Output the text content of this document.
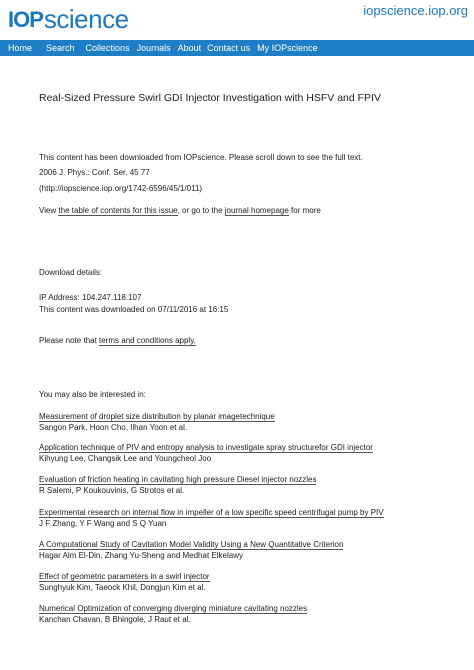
IOP science	iopscience.iop.org
Home Search Collections Journals About Contact us My IOPscience
Real-Sized Pressure Swirl GDI Injector Investigation with HSFV and FPIV
This content has been downloaded from IOPscience. Please scroll down to see the full text.
2006 J. Phys.: Conf. Ser. 45 77
(http://iopscience.iop.org/1742-6596/45/1/011)
View the table of contents for this issue, or go to the journal homepage for more
Download details:
IP Address: 104.247.118.107
This content was downloaded on 07/11/2016 at 16:15
Please note that terms and conditions apply.
You may also be interested in:
Measurement of droplet size distribution by planar imagetechnique
Sangon Park, Hoon Cho, Ilhan Yoon et al.
Application technique of PIV and entropy analysis to investigate spray structurefor GDI injector
Kihyung Lee, Changsik Lee and Youngcheol Joo
Evaluation of friction heating in cavitating high pressure Diesel injector nozzles
R Salemi, P Koukouvinis, G Strotos et al.
Experimental research on internal flow in impeller of a low specific speed centrifugal pump by PIV
J F Zhang, Y F Wang and S Q Yuan
A Computational Study of Cavitation Model Validity Using a New Quantitative Criterion
Hagar Alm El-Din, Zhang Yu-Sheng and Medhat Elkelawy
Effect of geometric parameters in a swirl injector
Sunghyuk Kim, Taeock Khil, Dongjun Kim et al.
Numerical Optimization of converging diverging miniature cavitating nozzles
Kanchan Chavan, B Bhingole, J Raut et al.
